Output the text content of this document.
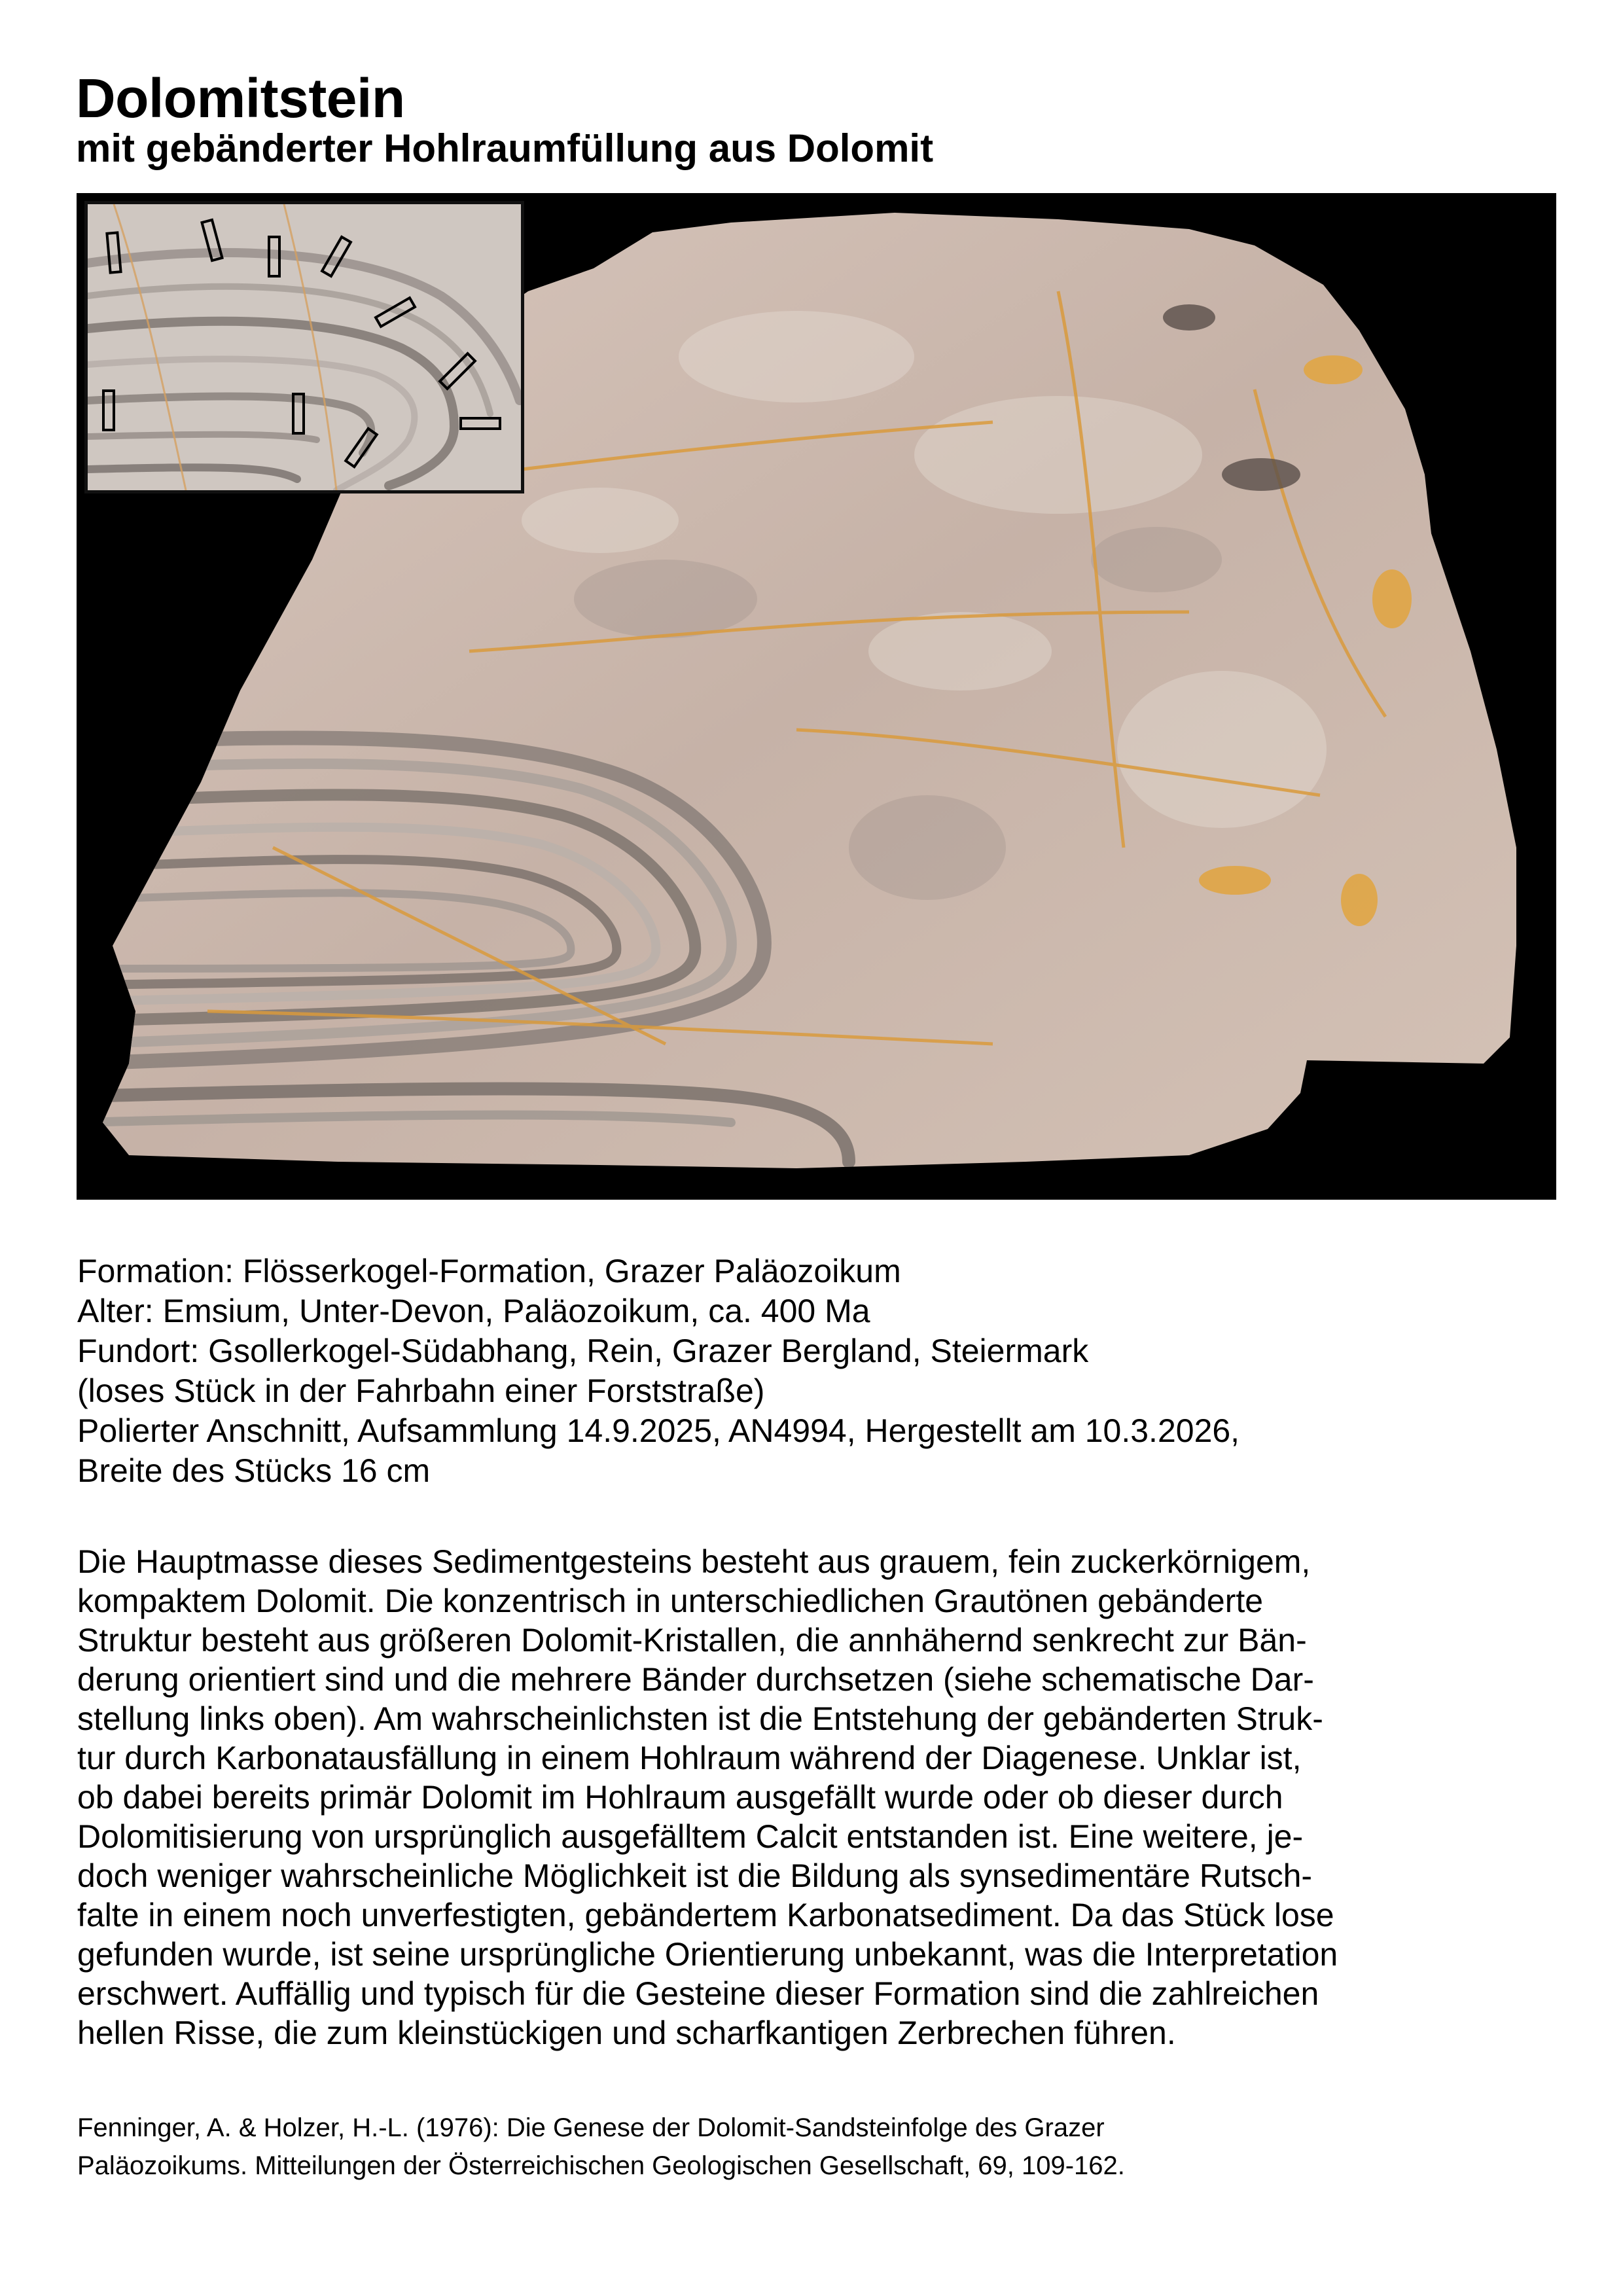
Dolomitstein
mit gebänderter Hohlraumfüllung aus Dolomit
Formation: Flösserkogel-Formation, Grazer Paläozoikum
Alter: Emsium, Unter-Devon, Paläozoikum, ca. 400 Ma
Fundort: Gsollerkogel-Südabhang, Rein, Grazer Bergland, Steiermark
(loses Stück in der Fahrbahn einer Forststraße)
Polierter Anschnitt, Aufsammlung 14.9.2025, AN4994, Hergestellt am 10.3.2026,
Breite des Stücks 16 cm
Die Hauptmasse dieses Sedimentgesteins besteht aus grauem, fein zuckerkörnigem,
kompaktem Dolomit. Die konzentrisch in unterschiedlichen Grautönen gebänderte
Struktur besteht aus größeren Dolomit-Kristallen, die annhähernd senkrecht zur Bän-
derung orientiert sind und die mehrere Bänder durchsetzen (siehe schematische Dar-
stellung links oben). Am wahrscheinlichsten ist die Entstehung der gebänderten Struk-
tur durch Karbonatausfällung in einem Hohlraum während der Diagenese. Unklar ist,
ob dabei bereits primär Dolomit im Hohlraum ausgefällt wurde oder ob dieser durch
Dolomitisierung von ursprünglich ausgefälltem Calcit entstanden ist. Eine weitere, je-
doch weniger wahrscheinliche Möglichkeit ist die Bildung als synsedimentäre Rutsch-
falte in einem noch unverfestigten, gebändertem Karbonatsediment. Da das Stück lose
gefunden wurde, ist seine ursprüngliche Orientierung unbekannt, was die Interpretation
erschwert. Auffällig und typisch für die Gesteine dieser Formation sind die zahlreichen
hellen Risse, die zum kleinstückigen und scharfkantigen Zerbrechen führen.
Fenninger, A. & Holzer, H.-L. (1976): Die Genese der Dolomit-Sandsteinfolge des Grazer
Paläozoikums. Mitteilungen der Österreichischen Geologischen Gesellschaft, 69, 109-162.
